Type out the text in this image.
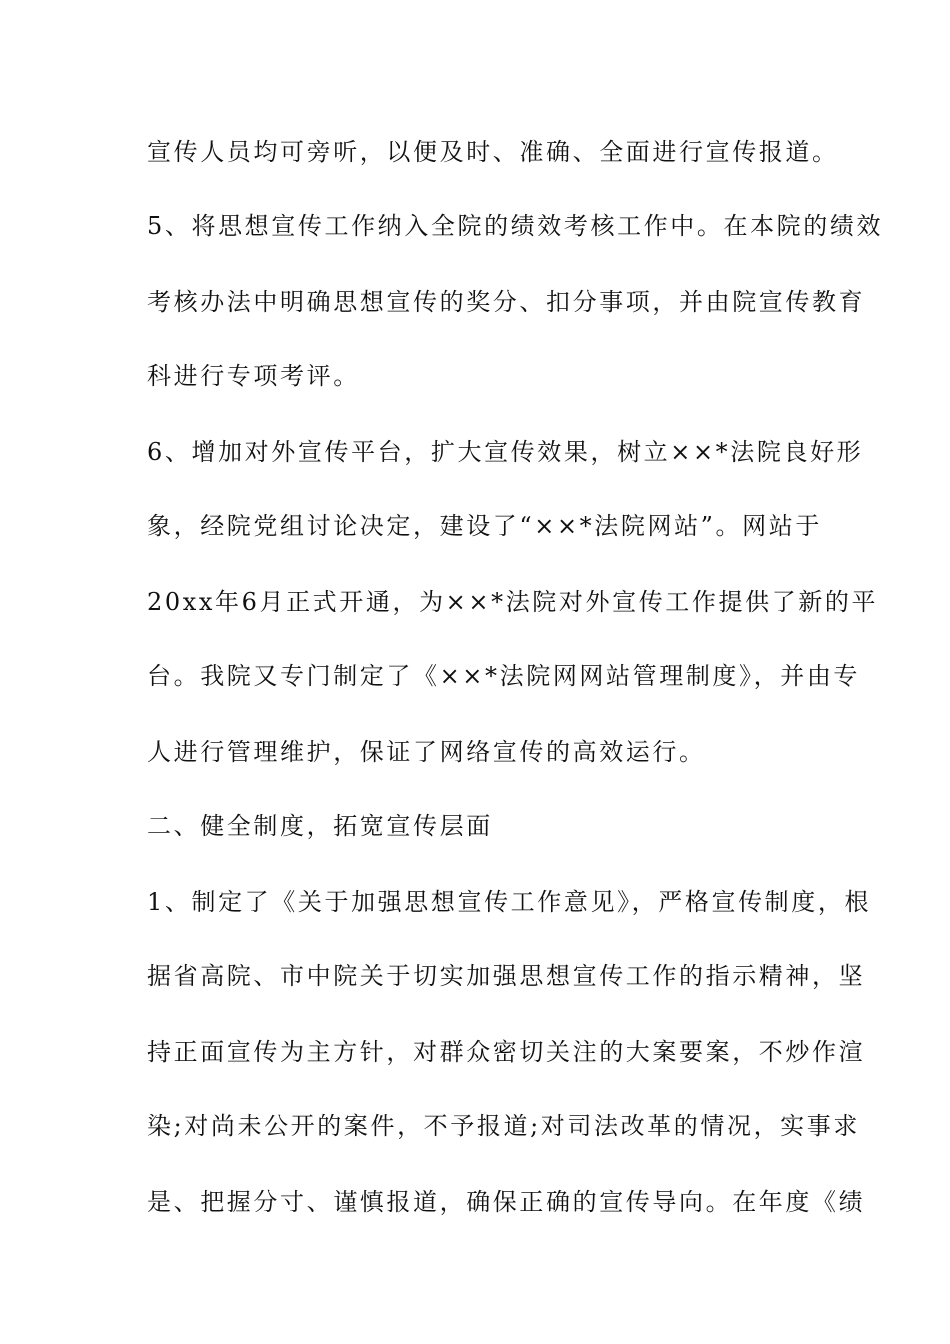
宣传人员均可旁听，以便及时、准确、全面进行宣传报道。
5、将思想宣传工作纳入全院的绩效考核工作中。在本院的绩效
考核办法中明确思想宣传的奖分、扣分事项，并由院宣传教育
科进行专项考评。
6、增加对外宣传平台，扩大宣传效果，树立××*法院良好形
象，经院党组讨论决定，建设了“××*法院网站”。网站于
20xx年6月正式开通，为××*法院对外宣传工作提供了新的平
台。我院又专门制定了《××*法院网网站管理制度》，并由专
人进行管理维护，保证了网络宣传的高效运行。
二、健全制度，拓宽宣传层面
1、制定了《关于加强思想宣传工作意见》，严格宣传制度，根
据省高院、市中院关于切实加强思想宣传工作的指示精神，坚
持正面宣传为主方针，对群众密切关注的大案要案，不炒作渲
染;对尚未公开的案件，不予报道;对司法改革的情况，实事求
是、把握分寸、谨慎报道，确保正确的宣传导向。在年度《绩
